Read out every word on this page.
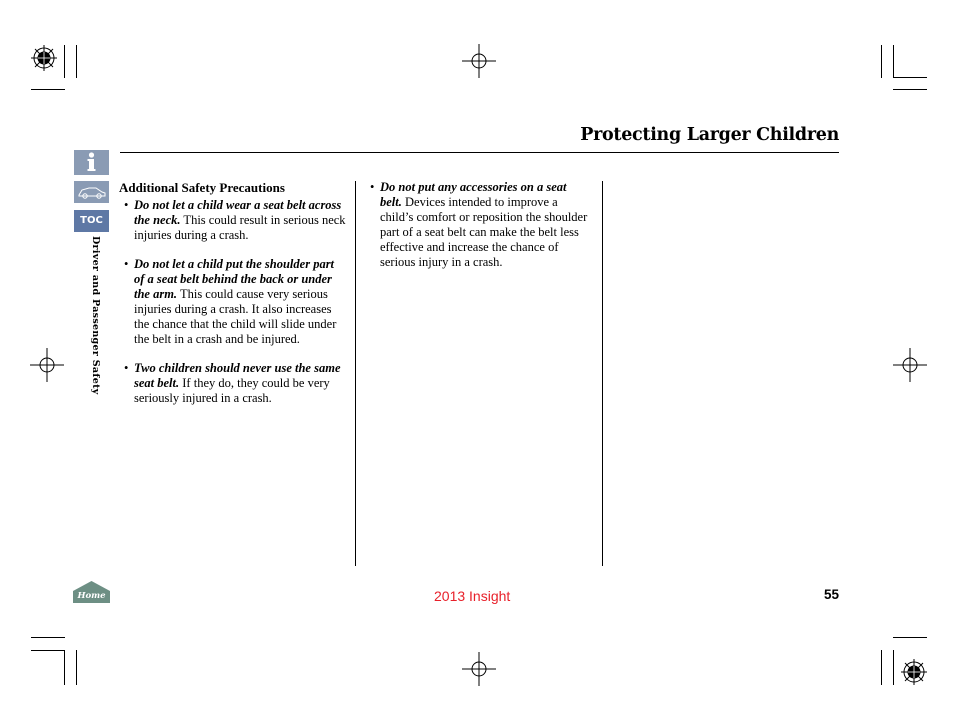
Protecting Larger Children
TOC
Driver and Passenger Safety
Additional Safety Precautions
• Do not let a child wear a seat belt across the neck. This could result in serious neck injuries during a crash.
• Do not let a child put the shoulder part of a seat belt behind the back or under the arm. This could cause very serious injuries during a crash. It also increases the chance that the child will slide under the belt in a crash and be injured.
• Two children should never use the same seat belt. If they do, they could be very seriously injured in a crash.
• Do not put any accessories on a seat belt. Devices intended to improve a child’s comfort or reposition the shoulder part of a seat belt can make the belt less effective and increase the chance of serious injury in a crash.
Home	2013 Insight	55
